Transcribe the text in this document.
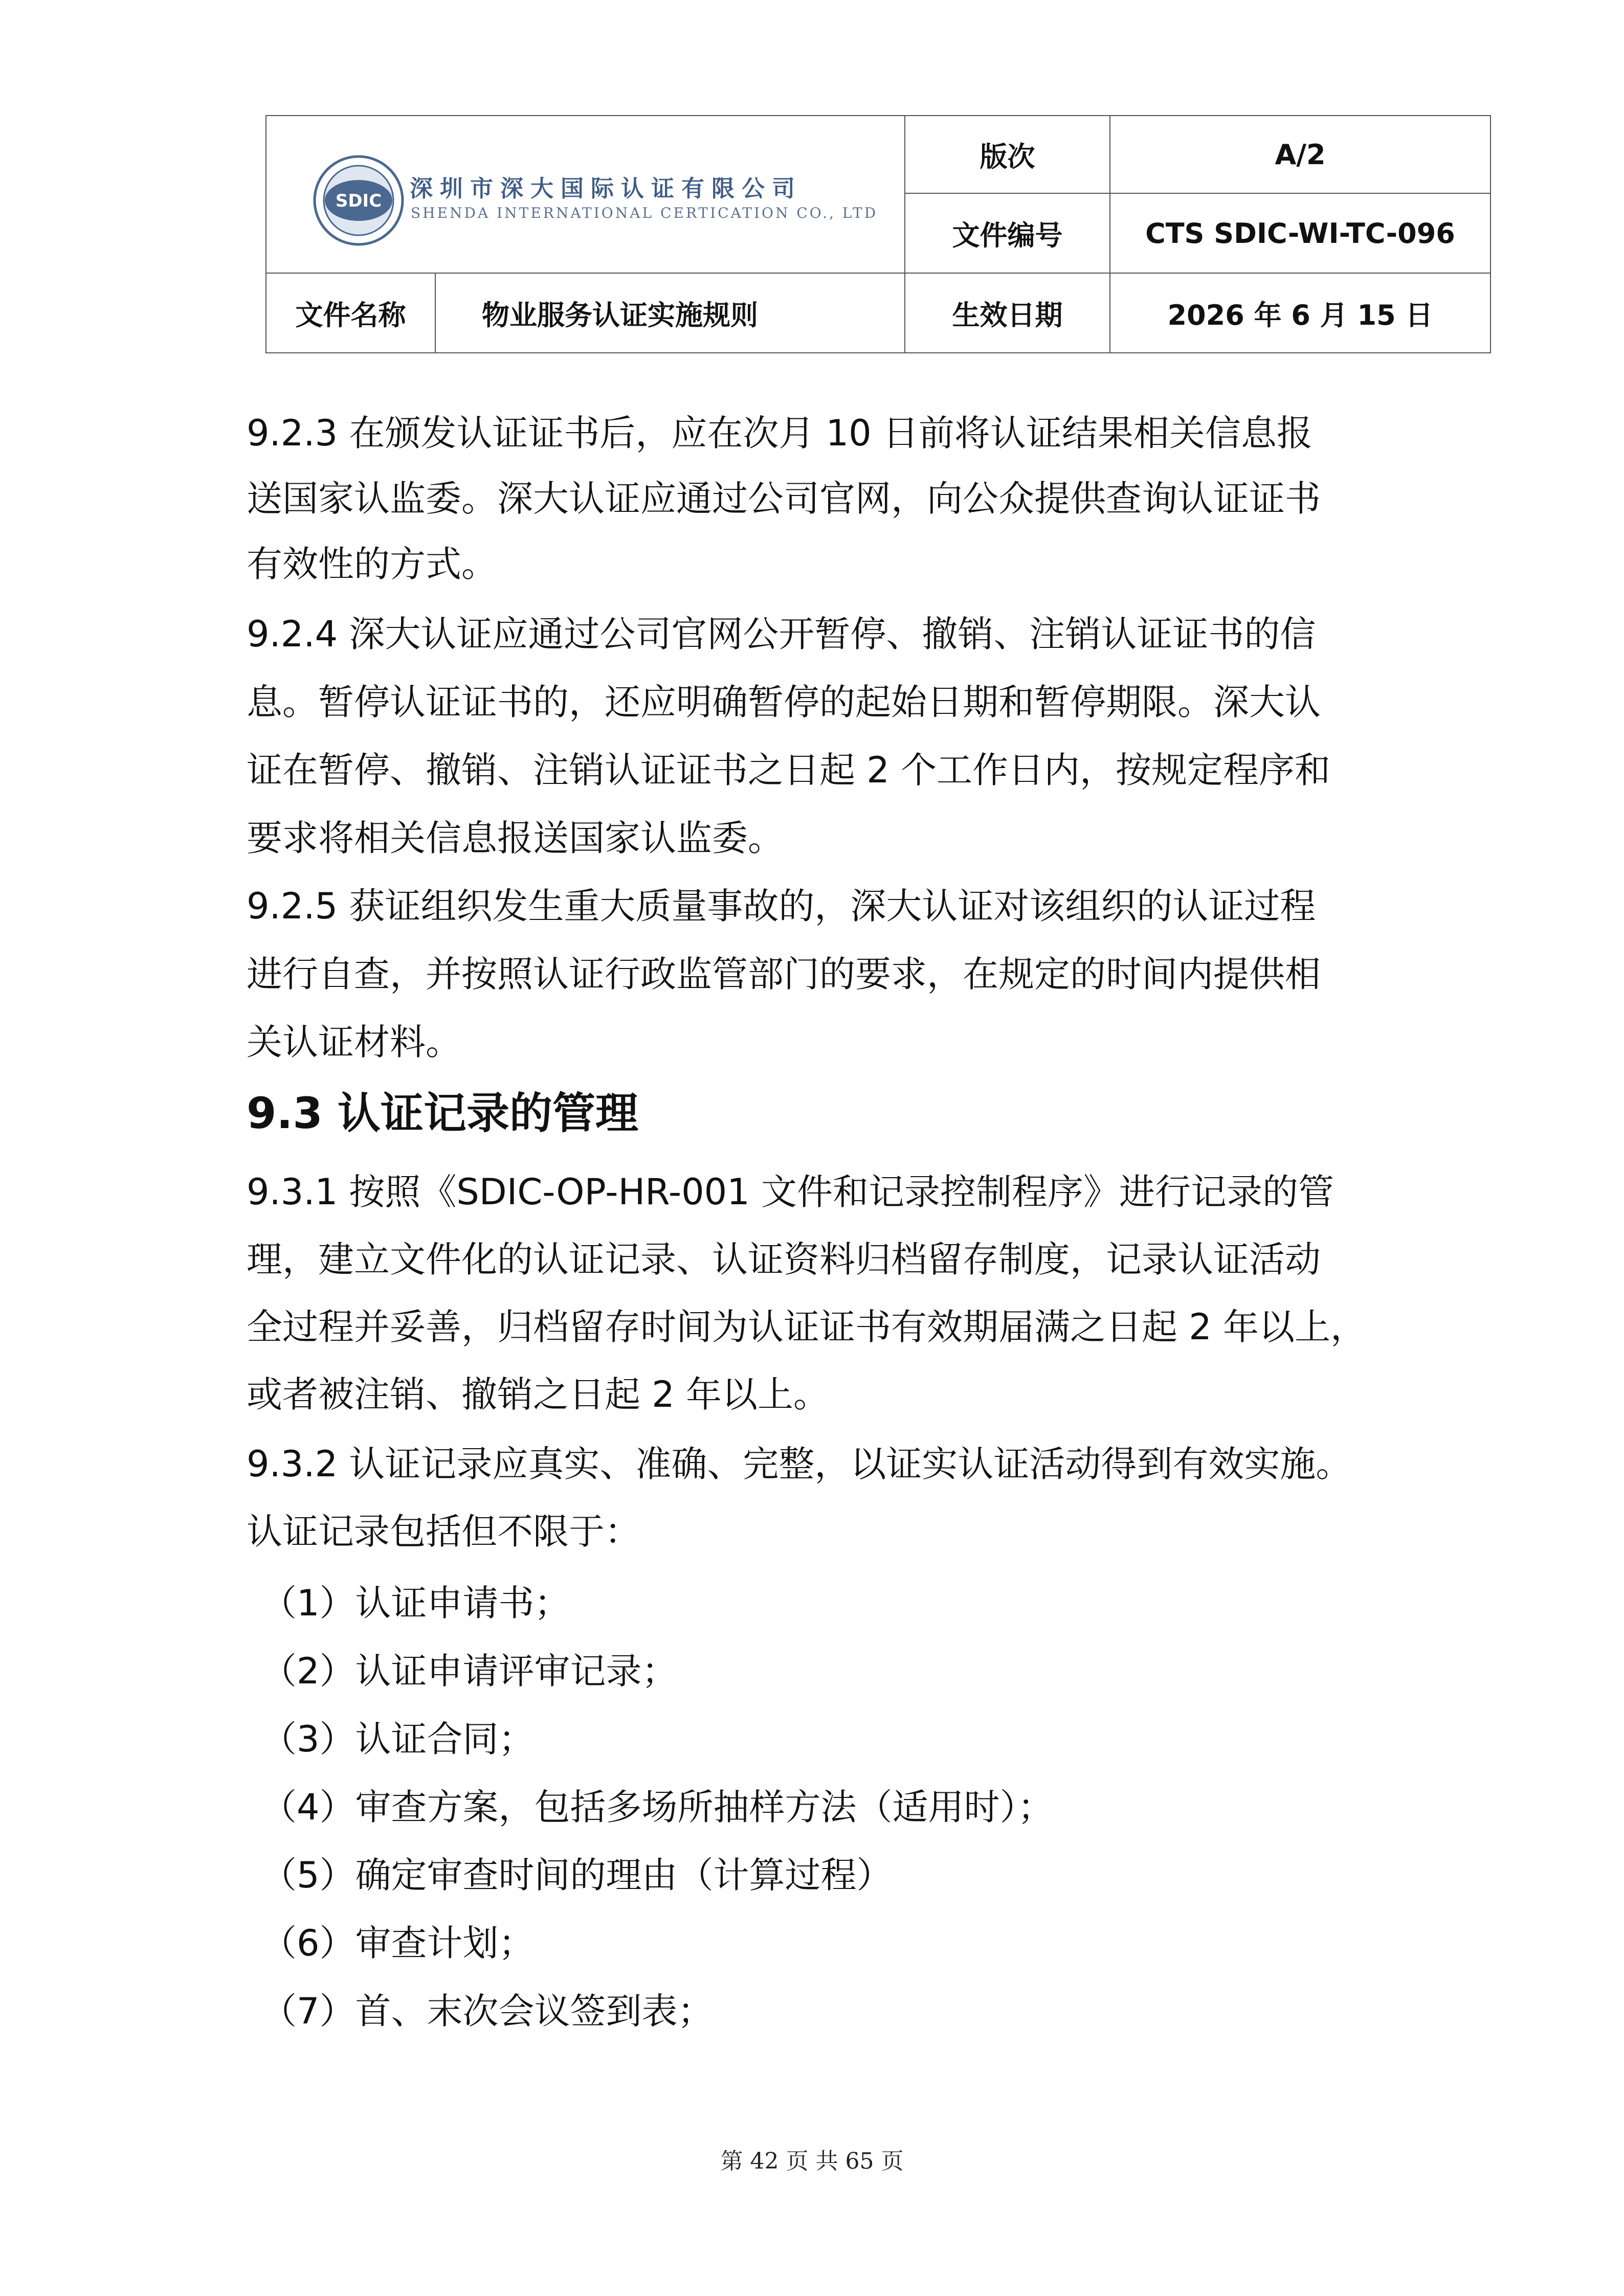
SDIC 深圳市深大国际认证有限公司
SHENDA INTERNATIONAL CERTICATION CO., LTD
版次	A/2
文件编号	CTS SDIC-WI-TC-096
文件名称	物业服务认证实施规则	生效日期	2026 年 6 月 15 日
9.2.3 在颁发认证证书后，应在次月 10 日前将认证结果相关信息报
送国家认监委。深大认证应通过公司官网，向公众提供查询认证证书
有效性的方式。
9.2.4 深大认证应通过公司官网公开暂停、撤销、注销认证证书的信
息。暂停认证证书的，还应明确暂停的起始日期和暂停期限。深大认
证在暂停、撤销、注销认证证书之日起 2 个工作日内，按规定程序和
要求将相关信息报送国家认监委。
9.2.5 获证组织发生重大质量事故的，深大认证对该组织的认证过程
进行自查，并按照认证行政监管部门的要求，在规定的时间内提供相
关认证材料。
9.3 认证记录的管理
9.3.1 按照《SDIC-OP-HR-001 文件和记录控制程序》进行记录的管
理，建立文件化的认证记录、认证资料归档留存制度，记录认证活动
全过程并妥善，归档留存时间为认证证书有效期届满之日起 2 年以上，
或者被注销、撤销之日起 2 年以上。
9.3.2 认证记录应真实、准确、完整，以证实认证活动得到有效实施。
认证记录包括但不限于：
（1）认证申请书；
（2）认证申请评审记录；
（3）认证合同；
（4）审查方案，包括多场所抽样方法（适用时）；
（5）确定审查时间的理由（计算过程）
（6）审查计划；
（7）首、末次会议签到表；
第 42 页 共 65 页
